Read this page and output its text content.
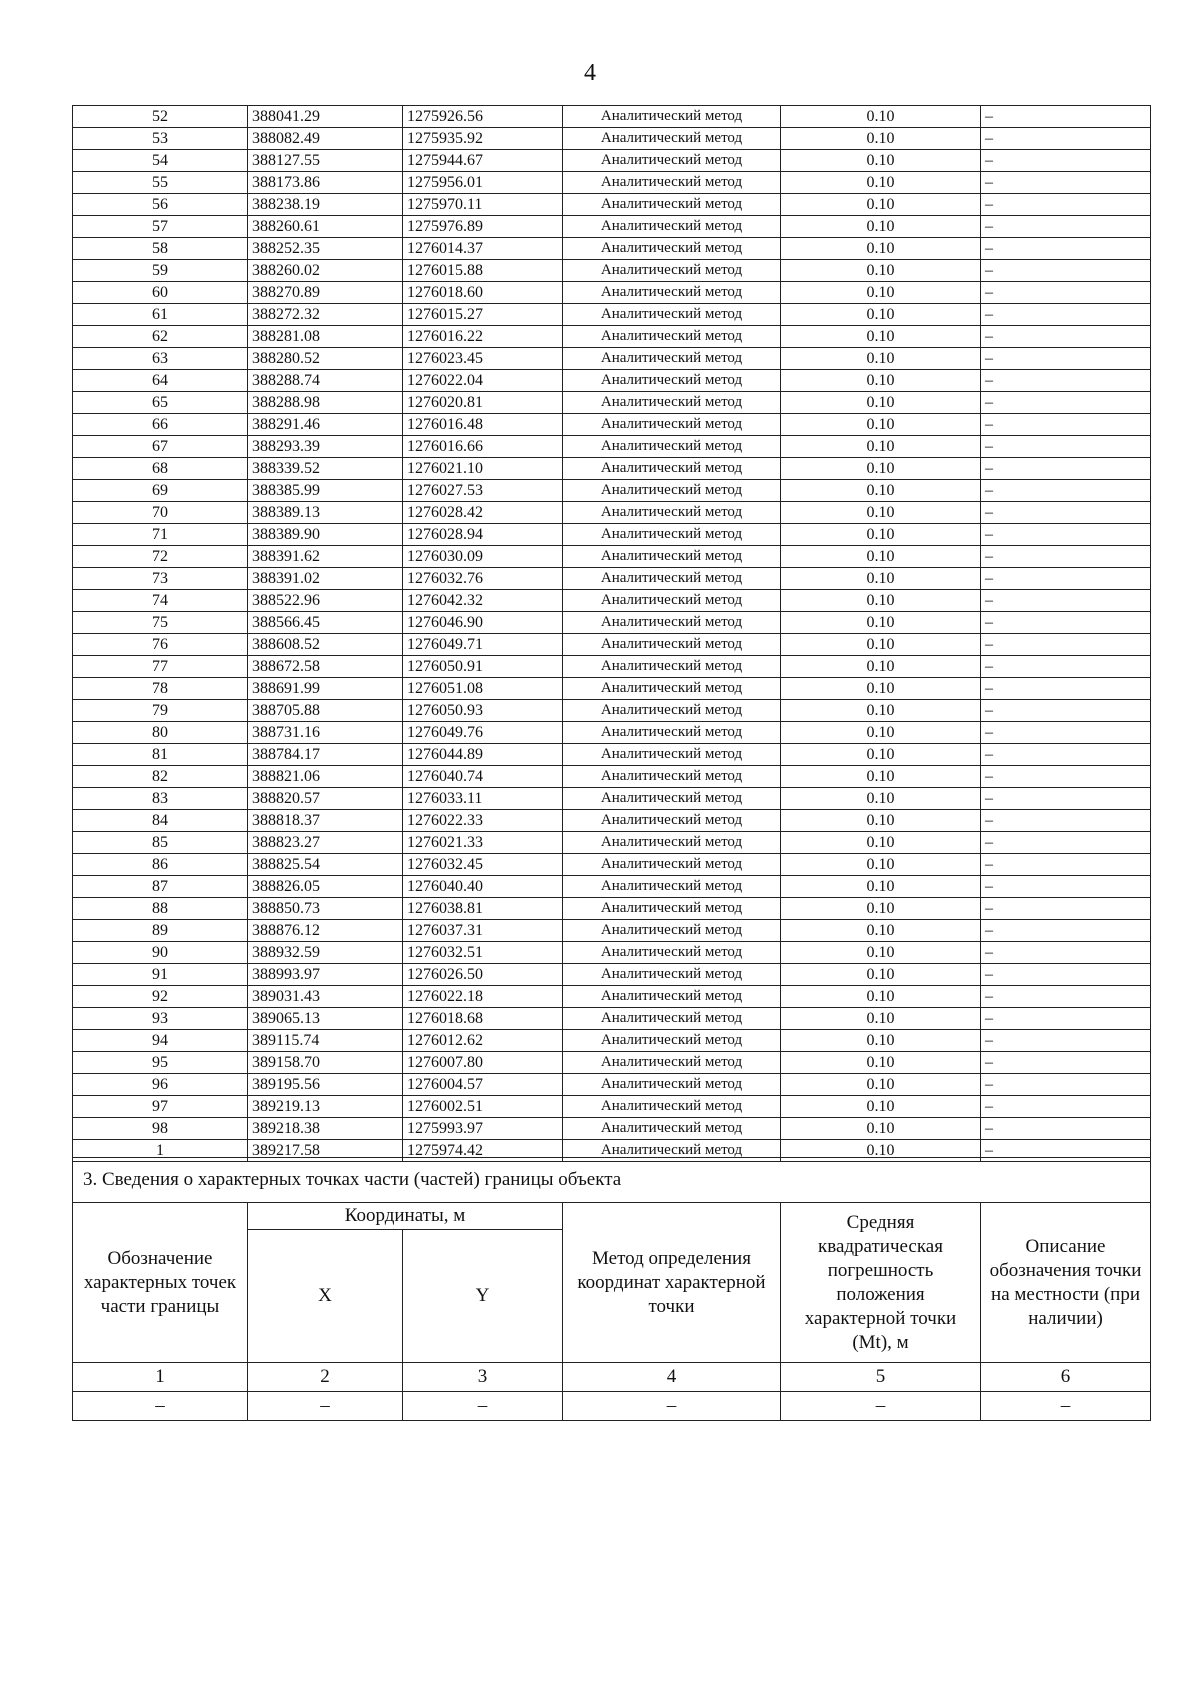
4
52	388041.29	1275926.56	Аналитический метод	0.10	–
53	388082.49	1275935.92	Аналитический метод	0.10	–
54	388127.55	1275944.67	Аналитический метод	0.10	–
55	388173.86	1275956.01	Аналитический метод	0.10	–
56	388238.19	1275970.11	Аналитический метод	0.10	–
57	388260.61	1275976.89	Аналитический метод	0.10	–
58	388252.35	1276014.37	Аналитический метод	0.10	–
59	388260.02	1276015.88	Аналитический метод	0.10	–
60	388270.89	1276018.60	Аналитический метод	0.10	–
61	388272.32	1276015.27	Аналитический метод	0.10	–
62	388281.08	1276016.22	Аналитический метод	0.10	–
63	388280.52	1276023.45	Аналитический метод	0.10	–
64	388288.74	1276022.04	Аналитический метод	0.10	–
65	388288.98	1276020.81	Аналитический метод	0.10	–
66	388291.46	1276016.48	Аналитический метод	0.10	–
67	388293.39	1276016.66	Аналитический метод	0.10	–
68	388339.52	1276021.10	Аналитический метод	0.10	–
69	388385.99	1276027.53	Аналитический метод	0.10	–
70	388389.13	1276028.42	Аналитический метод	0.10	–
71	388389.90	1276028.94	Аналитический метод	0.10	–
72	388391.62	1276030.09	Аналитический метод	0.10	–
73	388391.02	1276032.76	Аналитический метод	0.10	–
74	388522.96	1276042.32	Аналитический метод	0.10	–
75	388566.45	1276046.90	Аналитический метод	0.10	–
76	388608.52	1276049.71	Аналитический метод	0.10	–
77	388672.58	1276050.91	Аналитический метод	0.10	–
78	388691.99	1276051.08	Аналитический метод	0.10	–
79	388705.88	1276050.93	Аналитический метод	0.10	–
80	388731.16	1276049.76	Аналитический метод	0.10	–
81	388784.17	1276044.89	Аналитический метод	0.10	–
82	388821.06	1276040.74	Аналитический метод	0.10	–
83	388820.57	1276033.11	Аналитический метод	0.10	–
84	388818.37	1276022.33	Аналитический метод	0.10	–
85	388823.27	1276021.33	Аналитический метод	0.10	–
86	388825.54	1276032.45	Аналитический метод	0.10	–
87	388826.05	1276040.40	Аналитический метод	0.10	–
88	388850.73	1276038.81	Аналитический метод	0.10	–
89	388876.12	1276037.31	Аналитический метод	0.10	–
90	388932.59	1276032.51	Аналитический метод	0.10	–
91	388993.97	1276026.50	Аналитический метод	0.10	–
92	389031.43	1276022.18	Аналитический метод	0.10	–
93	389065.13	1276018.68	Аналитический метод	0.10	–
94	389115.74	1276012.62	Аналитический метод	0.10	–
95	389158.70	1276007.80	Аналитический метод	0.10	–
96	389195.56	1276004.57	Аналитический метод	0.10	–
97	389219.13	1276002.51	Аналитический метод	0.10	–
98	389218.38	1275993.97	Аналитический метод	0.10	–
1	389217.58	1275974.42	Аналитический метод	0.10	–
3. Сведения о характерных точках части (частей) границы объекта					
Обозначение характерных точек части границы	Координаты, м		Метод определения координат характерной точки	Средняя квадратическая погрешность положения характерной точки (Mt), м	Описание обозначения точки на местности (при наличии)
	X	Y			
1	2	3	4	5	6
–	–	–	–	–	–
